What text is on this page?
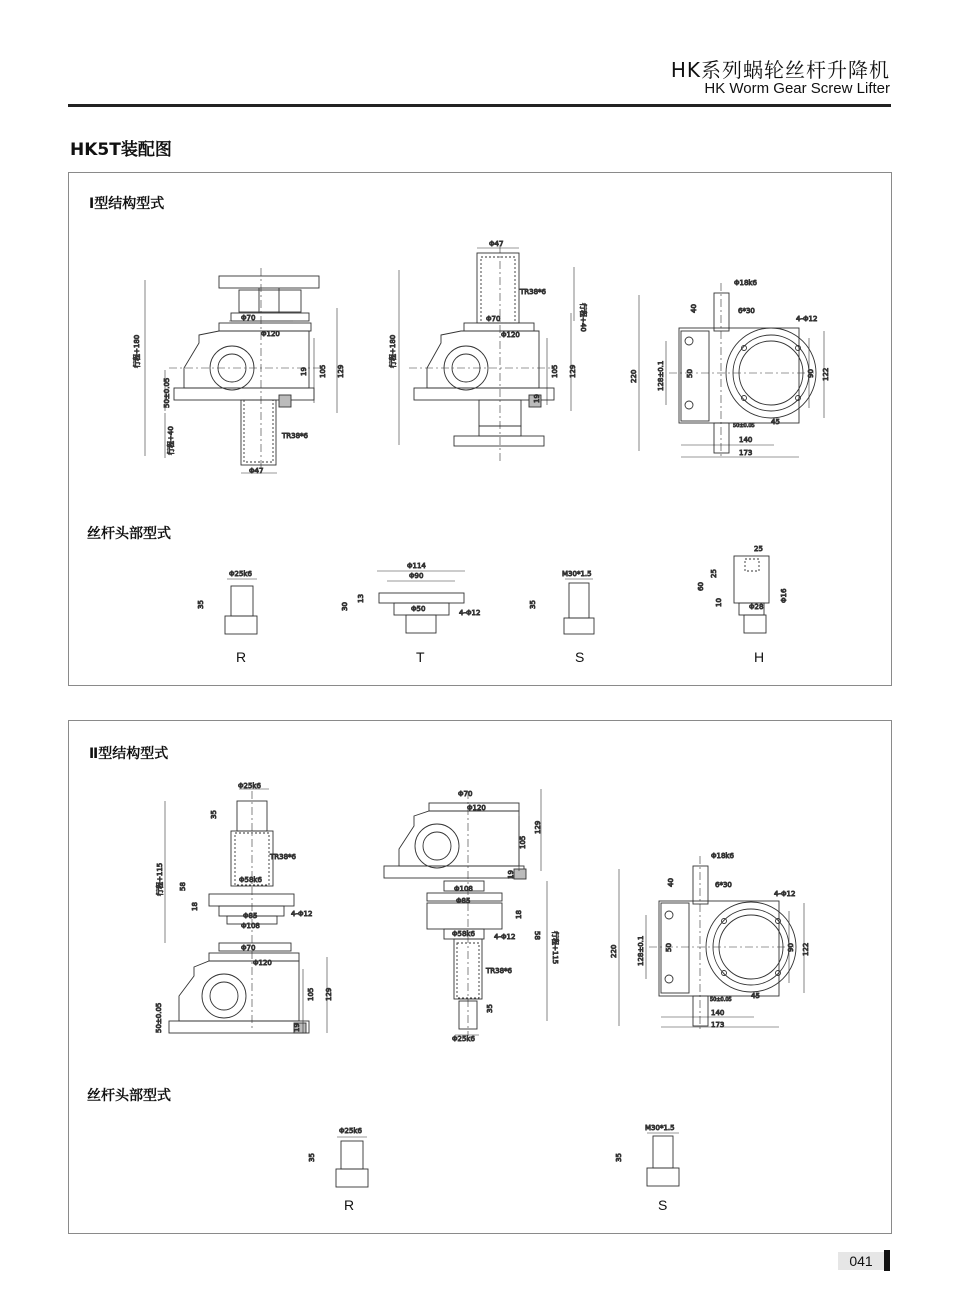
HK系列蜗轮丝杆升降机
HK Worm Gear Screw Lifter
HK5T装配图
Ⅰ型结构型式
丝杆头部型式
Φ70
Φ120
TR38*6
Φ47
19 105 129
行程+180
50±0.05
行程+40
Φ47
TR38*6
Φ70
Φ120
行程+180
行程+40
19
105 129
Φ18k6
6*30
4-Φ12
40
220	128±0.1	50	90 122
50±0.05 45
140
173
Φ25k6
35
Φ114
Φ90
Φ50	4-Φ12
30
13
M30*1.5
35
25
60
25
10	Φ28
Φ16
R	T	S	H
Ⅱ型结构型式
丝杆头部型式
Φ25k6
35
TR38*6
行程+115 58
18
Φ58k6
Φ85	4-Φ12
Φ108
Φ70
Φ120
50±0.05	19
105 129
Φ70
Φ120
105
129
19
Φ108
Φ85
18
58 行程+115
Φ58k6	4-Φ12
TR38*6
35
Φ25k6
Φ18k6
6*30
4-Φ12
40
220	128±0.1	50	90 122
50±0.05	45
140
173
Φ25k6
35
M30*1.5
35
R	S
041
